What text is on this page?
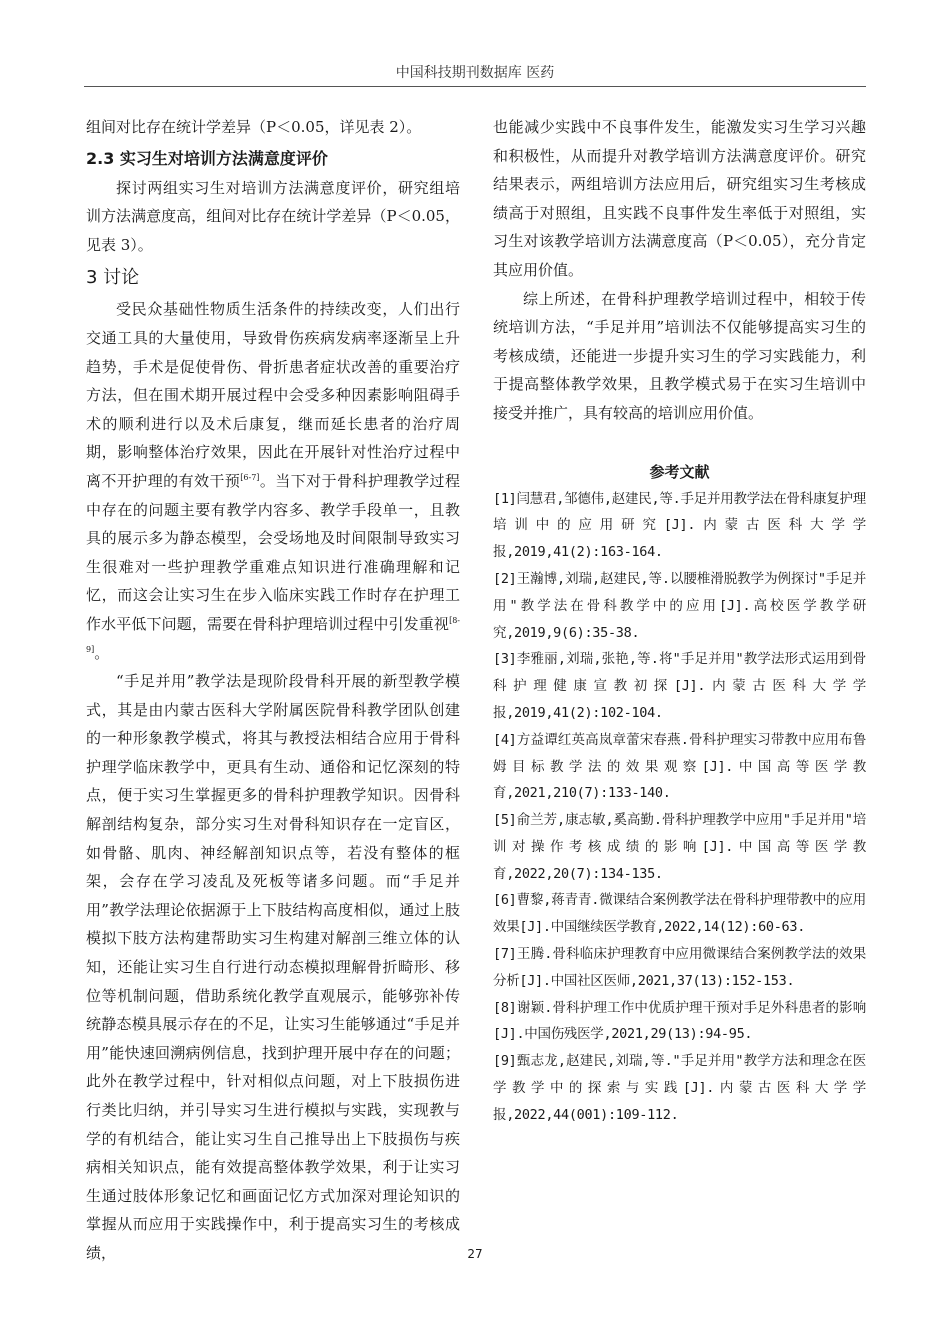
中国科技期刊数据库 医药

组间对比存在统计学差异（P＜0.05，详见表 2）。

2.3 实习生对培训方法满意度评价

探讨两组实习生对培训方法满意度评价，研究组培训方法满意度高，组间对比存在统计学差异（P＜0.05，见表 3）。

3 讨论

受民众基础性物质生活条件的持续改变，人们出行交通工具的大量使用，导致骨伤疾病发病率逐渐呈上升趋势，手术是促使骨伤、骨折患者症状改善的重要治疗方法，但在围术期开展过程中会受多种因素影响阻碍手术的顺利进行以及术后康复，继而延长患者的治疗周期，影响整体治疗效果，因此在开展针对性治疗过程中离不开护理的有效干预[6-7]。当下对于骨科护理教学过程中存在的问题主要有教学内容多、教学手段单一，且教具的展示多为静态模型，会受场地及时间限制导致实习生很难对一些护理教学重难点知识进行准确理解和记忆，而这会让实习生在步入临床实践工作时存在护理工作水平低下问题，需要在骨科护理培训过程中引发重视[8-9]。

“手足并用”教学法是现阶段骨科开展的新型教学模式，其是由内蒙古医科大学附属医院骨科教学团队创建的一种形象教学模式，将其与教授法相结合应用于骨科护理学临床教学中，更具有生动、通俗和记忆深刻的特点，便于实习生掌握更多的骨科护理教学知识。因骨科解剖结构复杂，部分实习生对骨科知识存在一定盲区，如骨骼、肌肉、神经解剖知识点等，若没有整体的框架，会存在学习凌乱及死板等诸多问题。而“手足并用”教学法理论依据源于上下肢结构高度相似，通过上肢模拟下肢方法构建帮助实习生构建对解剖三维立体的认知，还能让实习生自行进行动态模拟理解骨折畸形、移位等机制问题，借助系统化教学直观展示，能够弥补传统静态模具展示存在的不足，让实习生能够通过“手足并用”能快速回溯病例信息，找到护理开展中存在的问题；此外在教学过程中，针对相似点问题，对上下肢损伤进行类比归纳，并引导实习生进行模拟与实践，实现教与学的有机结合，能让实习生自己推导出上下肢损伤与疾病相关知识点，能有效提高整体教学效果，利于让实习生通过肢体形象记忆和画面记忆方式加深对理论知识的掌握从而应用于实践操作中，利于提高实习生的考核成绩，

也能减少实践中不良事件发生，能激发实习生学习兴趣和积极性，从而提升对教学培训方法满意度评价。研究结果表示，两组培训方法应用后，研究组实习生考核成绩高于对照组，且实践不良事件发生率低于对照组，实习生对该教学培训方法满意度高（P＜0.05），充分肯定其应用价值。

综上所述，在骨科护理教学培训过程中，相较于传统培训方法，“手足并用”培训法不仅能够提高实习生的考核成绩，还能进一步提升实习生的学习实践能力，利于提高整体教学效果，且教学模式易于在实习生培训中接受并推广，具有较高的培训应用价值。

参考文献

[1]闫慧君,邹德伟,赵建民,等.手足并用教学法在骨科康复护理培训中的应用研究[J].内蒙古医科大学学报,2019,41(2):163-164.

[2]王瀚博,刘瑞,赵建民,等.以腰椎滑脱教学为例探讨"手足并用"教学法在骨科教学中的应用[J].高校医学教学研究,2019,9(6):35-38.

[3]李雅丽,刘瑞,张艳,等.将"手足并用"教学法形式运用到骨科护理健康宣教初探[J].内蒙古医科大学学报,2019,41(2):102-104.

[4]方益谭红英高岚章蕾宋春燕.骨科护理实习带教中应用布鲁姆目标教学法的效果观察[J].中国高等医学教育,2021,210(7):133-140.

[5]俞兰芳,康志敏,奚高勤.骨科护理教学中应用"手足并用"培训对操作考核成绩的影响[J].中国高等医学教育,2022,20(7):134-135.

[6]曹黎,蒋青青.微课结合案例教学法在骨科护理带教中的应用效果[J].中国继续医学教育,2022,14(12):60-63.

[7]王腾.骨科临床护理教育中应用微课结合案例教学法的效果分析[J].中国社区医师,2021,37(13):152-153.

[8]谢颖.骨科护理工作中优质护理干预对手足外科患者的影响[J].中国伤残医学,2021,29(13):94-95.

[9]甄志龙,赵建民,刘瑞,等."手足并用"教学方法和理念在医学教学中的探索与实践[J].内蒙古医科大学学报,2022,44(001):109-112.

27
